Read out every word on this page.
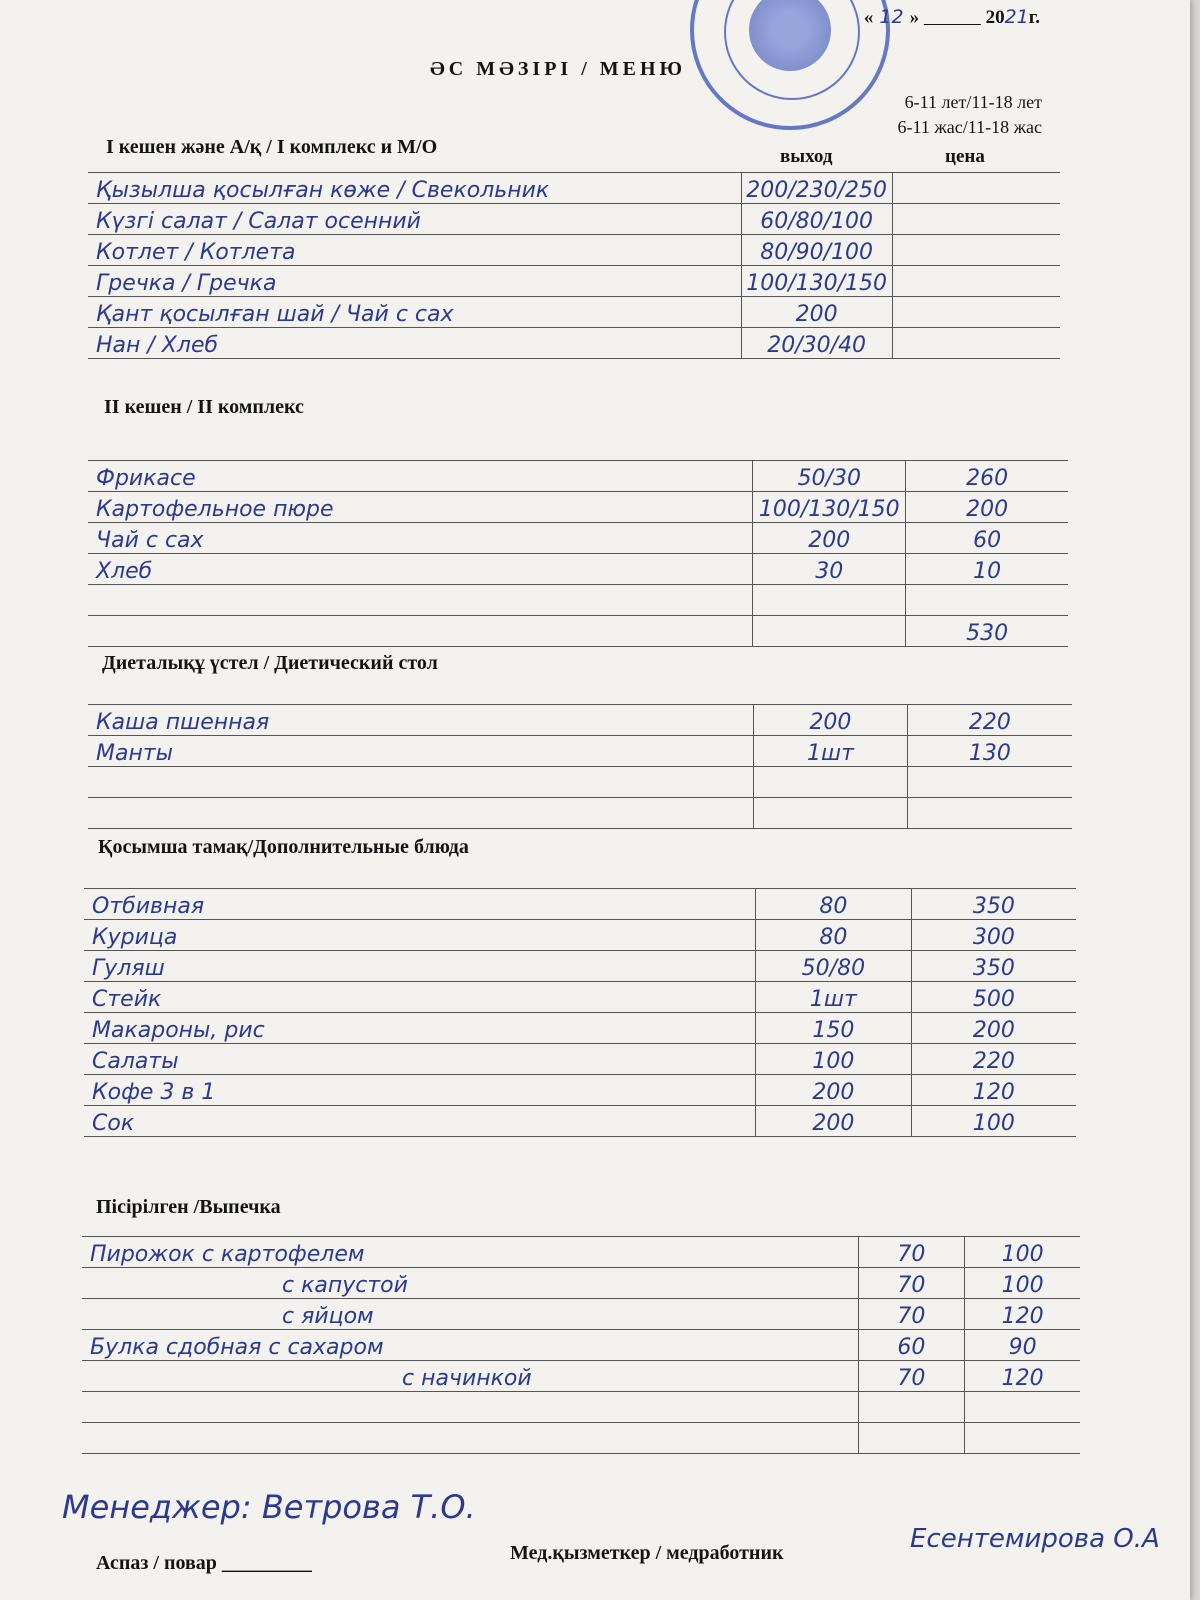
« 12 »	2021г.
ӘС МӘЗІРІ / МЕНЮ
6-11 лет/11-18 лет
6-11 жас/11-18 жас
I кешен және А/қ / I комплекс и М/О	выход	цена
Қызылша қосылған көже / Свекольник	200/230/250	
Күзгі салат / Салат осенний	60/80/100	
Котлет / Котлета	80/90/100	
Гречка / Гречка	100/130/150	
Қант қосылған шай / Чай с сах	200	
Нан / Хлеб	20/30/40	
II кешен / II комплекс
Фрикасе	50/30	260
Картофельное пюре	100/130/150	200
Чай с сах	200	60
Хлеб	30	10

		530
Диеталықұ үстел / Диетический стол
Каша пшенная	200	220
Манты	1шт	130

Қосымша тамақ/Дополнительные блюда
Отбивная	80	350
Курица	80	300
Гуляш	50/80	350
Стейк	1шт	500
Макароны, рис	150	200
Салаты	100	220
Кофе 3 в 1	200	120
Сок	200	100
Пісірілген /Выпечка
Пирожок с картофелем	70	100
с капустой	70	100
с яйцом	70	120
Булка сдобная с сахаром	60	90
с начинкой	70	120

Менеджер: Ветрова Т.О.
Аспаз / повар _________	Мед.қызметкер / медработник	Есентемирова О.А
